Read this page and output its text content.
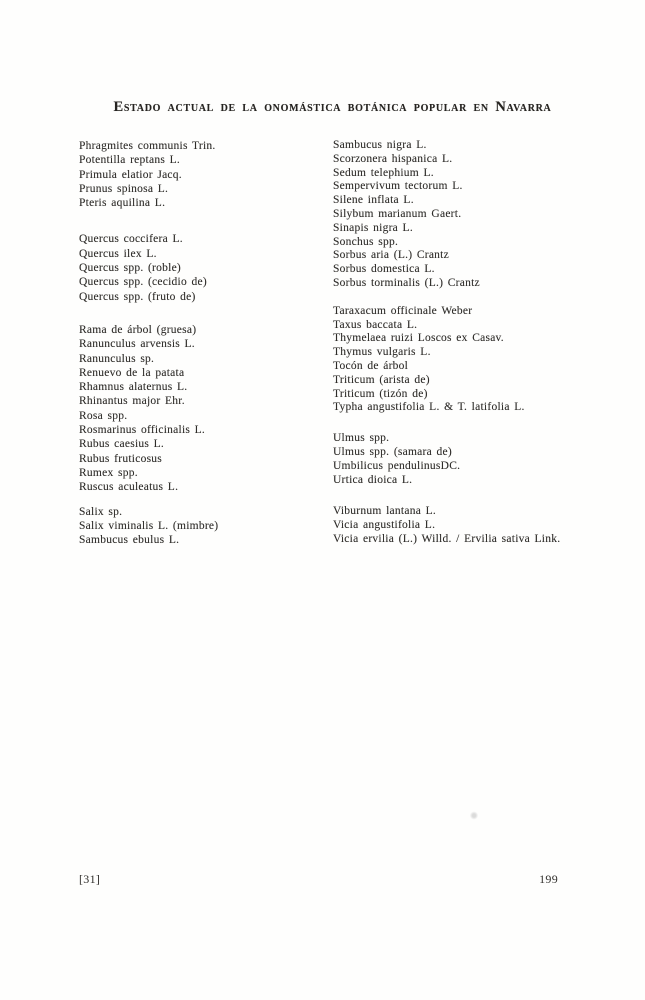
Estado actual de la onomástica botánica popular en Navarra
Phragmites communis Trin.
Potentilla reptans L.
Primula elatior Jacq.
Prunus spinosa L.
Pteris aquilina L.
Quercus coccifera L.
Quercus ilex L.
Quercus spp. (roble)
Quercus spp. (cecidio de)
Quercus spp. (fruto de)
Rama de árbol (gruesa)
Ranunculus arvensis L.
Ranunculus sp.
Renuevo de la patata
Rhamnus alaternus L.
Rhinantus major Ehr.
Rosa spp.
Rosmarinus officinalis L.
Rubus caesius L.
Rubus fruticosus
Rumex spp.
Ruscus aculeatus L.
Salix sp.
Salix viminalis L. (mimbre)
Sambucus ebulus L.
Sambucus nigra L.
Scorzonera hispanica L.
Sedum telephium L.
Sempervivum tectorum L.
Silene inflata L.
Silybum marianum Gaert.
Sinapis nigra L.
Sonchus spp.
Sorbus aria (L.) Crantz
Sorbus domestica L.
Sorbus torminalis (L.) Crantz
Taraxacum officinale Weber
Taxus baccata L.
Thymelaea ruizi Loscos ex Casav.
Thymus vulgaris L.
Tocón de árbol
Triticum (arista de)
Triticum (tizón de)
Typha angustifolia L. & T. latifolia L.
Ulmus spp.
Ulmus spp. (samara de)
Umbilicus pendulinusDC.
Urtica dioica L.
Viburnum lantana L.
Vicia angustifolia L.
Vicia ervilia (L.) Willd. / Ervilia sativa Link.
[31]	199
